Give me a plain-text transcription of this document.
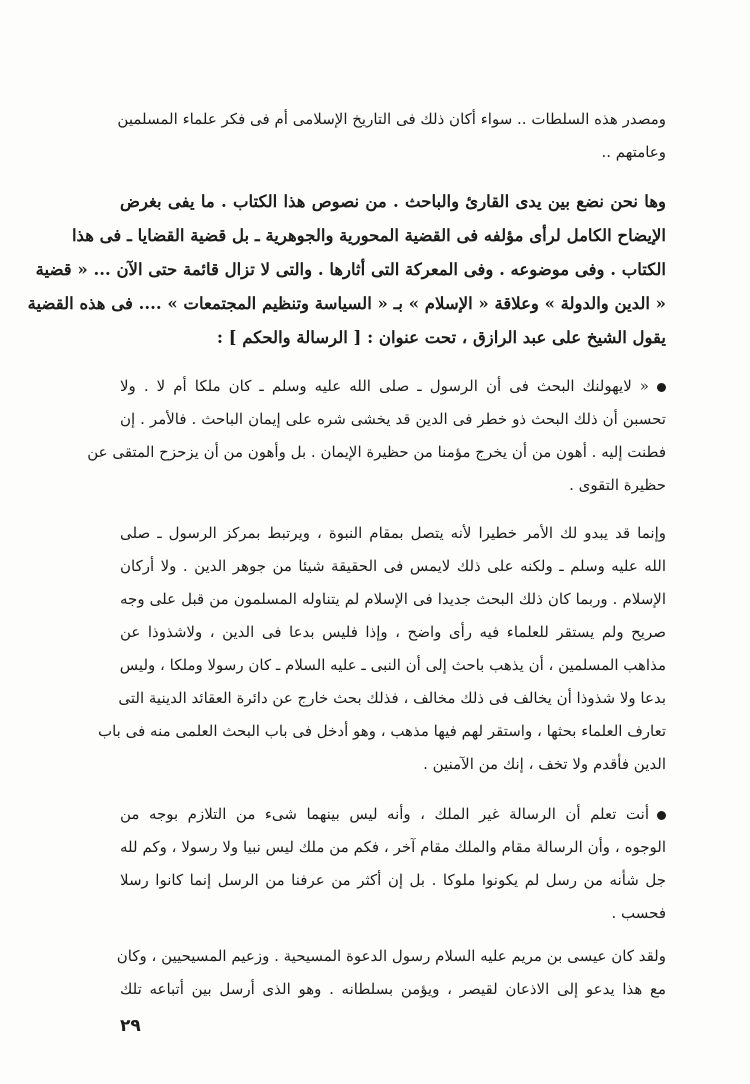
ومصدر هذه السلطات .. سواء أكان ذلك فى التاريخ الإسلامى أم فى فكر علماء المسلمين
وعامتهم ..

وها نحن نضع بين يدى القارئ والباحث . من نصوص هذا الكتاب . ما يفى بغرض
الإيضاح الكامل لرأى مؤلفه فى القضية المحورية والجوهرية ـ بل قضية القضايا ـ فى هذا
الكتاب . وفى موضوعه . وفى المعركة التى أثارها . والتى لا تزال قائمة حتى الآن ... « قضية
« الدين والدولة » وعلاقة « الإسلام » بـ « السياسة وتنظيم المجتمعات » .... فى هذه القضية
يقول الشيخ على عبد الرازق ، تحت عنوان : [ الرسالة والحكم ] :

« لايهولنك البحث فى أن الرسول ـ صلى الله عليه وسلم ـ كان ملكا أم لا . ولا
تحسبن أن ذلك البحث ذو خطر فى الدين قد يخشى شره على إيمان الباحث . فالأمر . إن
فطنت إليه . أهون من أن يخرج مؤمنا من حظيرة الإيمان . بل وأهون من أن يزحزح المتقى عن
حظيرة التقوى .

وإنما قد يبدو لك الأمر خطيرا لأنه يتصل بمقام النبوة ، ويرتبط بمركز الرسول ـ صلى
الله عليه وسلم ـ ولكنه على ذلك لايمس فى الحقيقة شيئا من جوهر الدين . ولا أركان
الإسلام . وربما كان ذلك البحث جديدا فى الإسلام لم يتناوله المسلمون من قبل على وجه
صريح ولم يستقر للعلماء فيه رأى واضح ، وإذا فليس بدعا فى الدين ، ولاشذوذا عن
مذاهب المسلمين ، أن يذهب باحث إلى أن النبى ـ عليه السلام ـ كان رسولا وملكا ، وليس
بدعا ولا شذوذا أن يخالف فى ذلك مخالف ، فذلك بحث خارج عن دائرة العقائد الدينية التى
تعارف العلماء بحثها ، واستقر لهم فيها مذهب ، وهو أدخل فى باب البحث العلمى منه فى باب
الدين فأقدم ولا تخف ، إنك من الآمنين .

أنت تعلم أن الرسالة غير الملك ، وأنه ليس بينهما شىء من التلازم بوجه من
الوجوه ، وأن الرسالة مقام والملك مقام آخر ، فكم من ملك ليس نبيا ولا رسولا ، وكم لله
جل شأنه من رسل لم يكونوا ملوكا . بل إن أكثر من عرفنا من الرسل إنما كانوا رسلا
فحسب .

ولقد كان عيسى بن مريم عليه السلام رسول الدعوة المسيحية . وزعيم المسيحيين ، وكان
مع هذا يدعو إلى الاذعان لقيصر ، ويؤمن بسلطانه . وهو الذى أرسل بين أتباعه تلك

٢٩
